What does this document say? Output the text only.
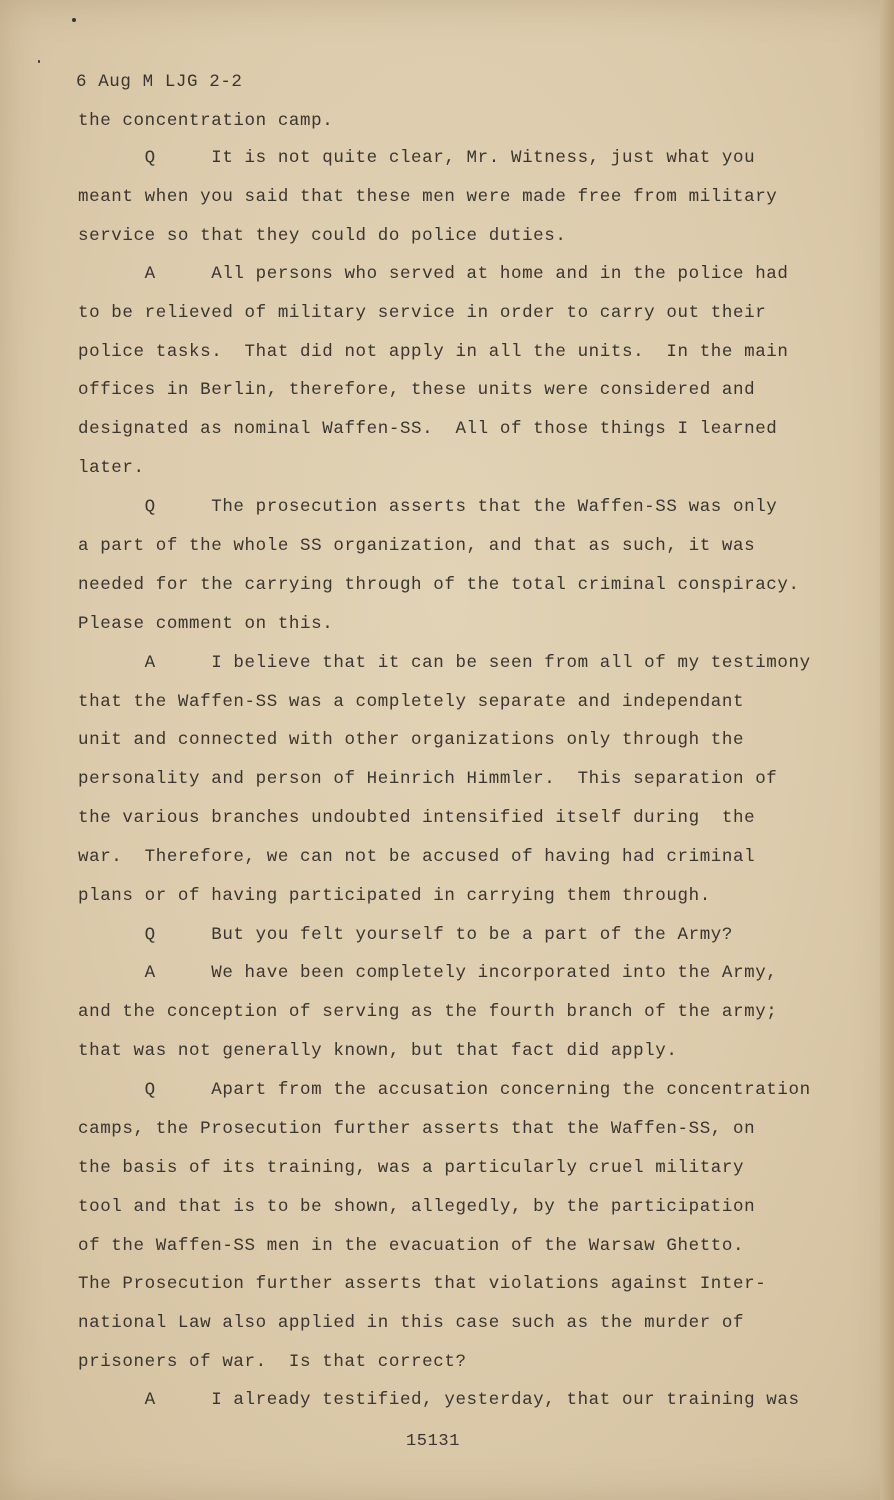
6 Aug M LJG 2-2

the concentration camp.

Q     It is not quite clear, Mr. Witness, just what you

meant when you said that these men were made free from military

service so that they could do police duties.

A     All persons who served at home and in the police had

to be relieved of military service in order to carry out their

police tasks.  That did not apply in all the units.  In the main

offices in Berlin, therefore, these units were considered and

designated as nominal Waffen-SS.  All of those things I learned

later.

Q     The prosecution asserts that the Waffen-SS was only

a part of the whole SS organization, and that as such, it was

needed for the carrying through of the total criminal conspiracy.

Please comment on this.

A     I believe that it can be seen from all of my testimony

that the Waffen-SS was a completely separate and independant

unit and connected with other organizations only through the

personality and person of Heinrich Himmler.  This separation of

the various branches undoubted intensified itself during  the

war.  Therefore, we can not be accused of having had criminal

plans or of having participated in carrying them through.

Q     But you felt yourself to be a part of the Army?

A     We have been completely incorporated into the Army,

and the conception of serving as the fourth branch of the army;

that was not generally known, but that fact did apply.

Q     Apart from the accusation concerning the concentration

camps, the Prosecution further asserts that the Waffen-SS, on

the basis of its training, was a particularly cruel military

tool and that is to be shown, allegedly, by the participation

of the Waffen-SS men in the evacuation of the Warsaw Ghetto.

The Prosecution further asserts that violations against Inter-

national Law also applied in this case such as the murder of

prisoners of war.  Is that correct?

A     I already testified, yesterday, that our training was

15131
